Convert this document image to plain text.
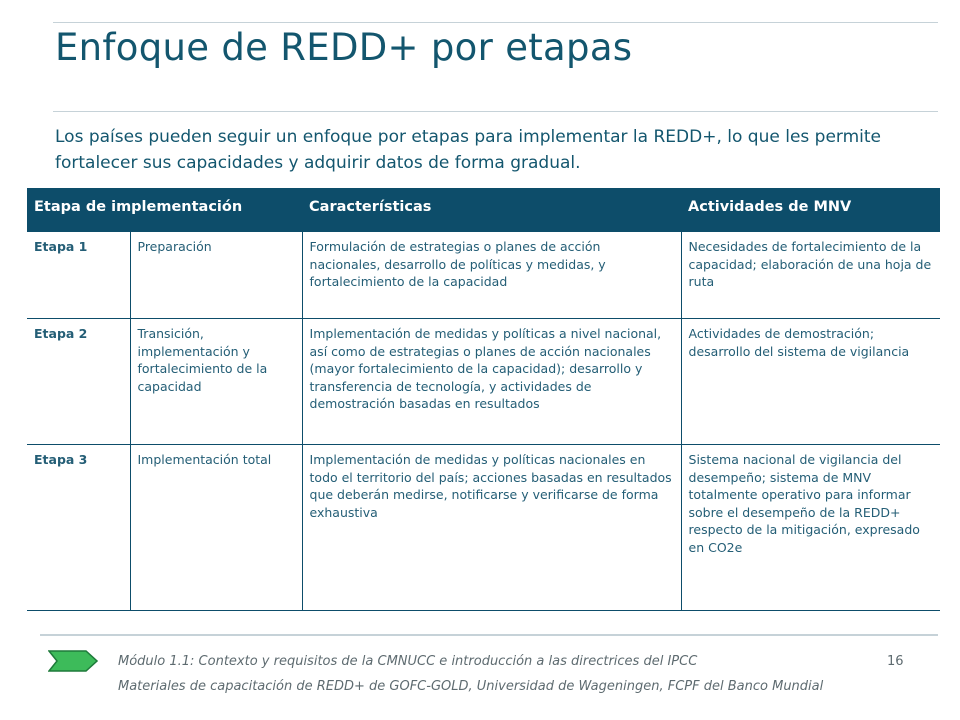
Enfoque de REDD+ por etapas

Los países pueden seguir un enfoque por etapas para implementar la REDD+, lo que les permite fortalecer sus capacidades y adquirir datos de forma gradual.

Etapa de implementación		Características	Actividades de MNV
Etapa 1	Preparación	Formulación de estrategias o planes de acción nacionales, desarrollo de políticas y medidas, y fortalecimiento de la capacidad	Necesidades de fortalecimiento de la capacidad; elaboración de una hoja de ruta
Etapa 2	Transición, implementación y fortalecimiento de la capacidad	Implementación de medidas y políticas a nivel nacional, así como de estrategias o planes de acción nacionales (mayor fortalecimiento de la capacidad); desarrollo y transferencia de tecnología, y actividades de demostración basadas en resultados	Actividades de demostración; desarrollo del sistema de vigilancia
Etapa 3	Implementación total	Implementación de medidas y políticas nacionales en todo el territorio del país; acciones basadas en resultados que deberán medirse, notificarse y verificarse de forma exhaustiva	Sistema nacional de vigilancia del desempeño; sistema de MNV totalmente operativo para informar sobre el desempeño de la REDD+ respecto de la mitigación, expresado en CO2e

Módulo 1.1: Contexto y requisitos de la CMNUCC e introducción a las directrices del IPCC

Materiales de capacitación de REDD+ de GOFC-GOLD, Universidad de Wageningen, FCPF del Banco Mundial

16
